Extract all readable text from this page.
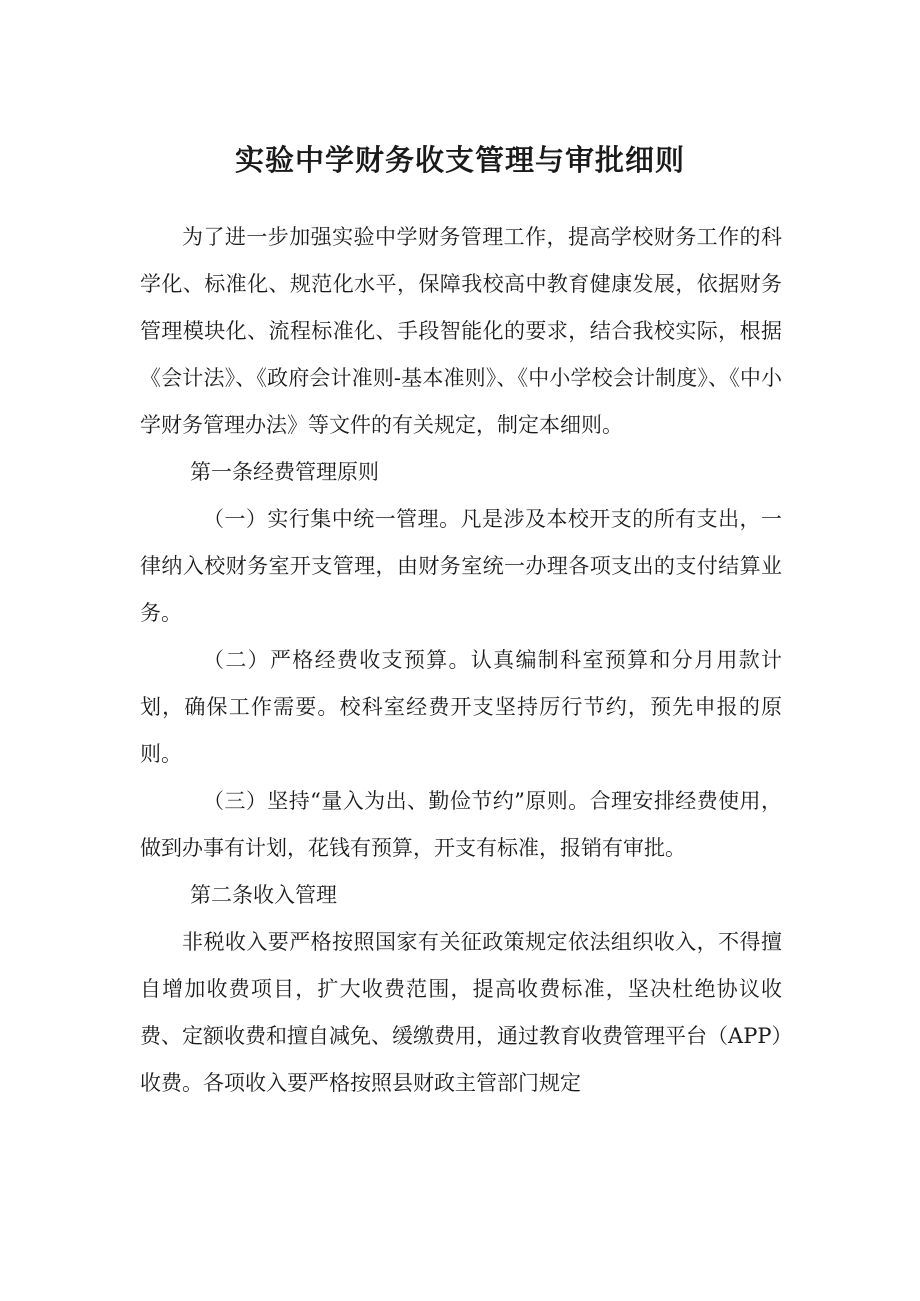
实验中学财务收支管理与审批细则

为了进一步加强实验中学财务管理工作，提高学校财务工作的科学化、标准化、规范化水平，保障我校高中教育健康发展，依据财务管理模块化、流程标准化、手段智能化的要求，结合我校实际，根据《会计法》、《政府会计准则-基本准则》、《中小学校会计制度》、《中小学财务管理办法》等文件的有关规定，制定本细则。

第一条经费管理原则

（一）实行集中统一管理。凡是涉及本校开支的所有支出，一律纳入校财务室开支管理，由财务室统一办理各项支出的支付结算业务。

（二）严格经费收支预算。认真编制科室预算和分月用款计划，确保工作需要。校科室经费开支坚持厉行节约，预先申报的原则。

（三）坚持“量入为出、勤俭节约”原则。合理安排经费使用，做到办事有计划，花钱有预算，开支有标准，报销有审批。

第二条收入管理

非税收入要严格按照国家有关征政策规定依法组织收入，不得擅自增加收费项目，扩大收费范围，提高收费标准，坚决杜绝协议收费、定额收费和擅自减免、缓缴费用，通过教育收费管理平台（APP）收费。各项收入要严格按照县财政主管部门规定
